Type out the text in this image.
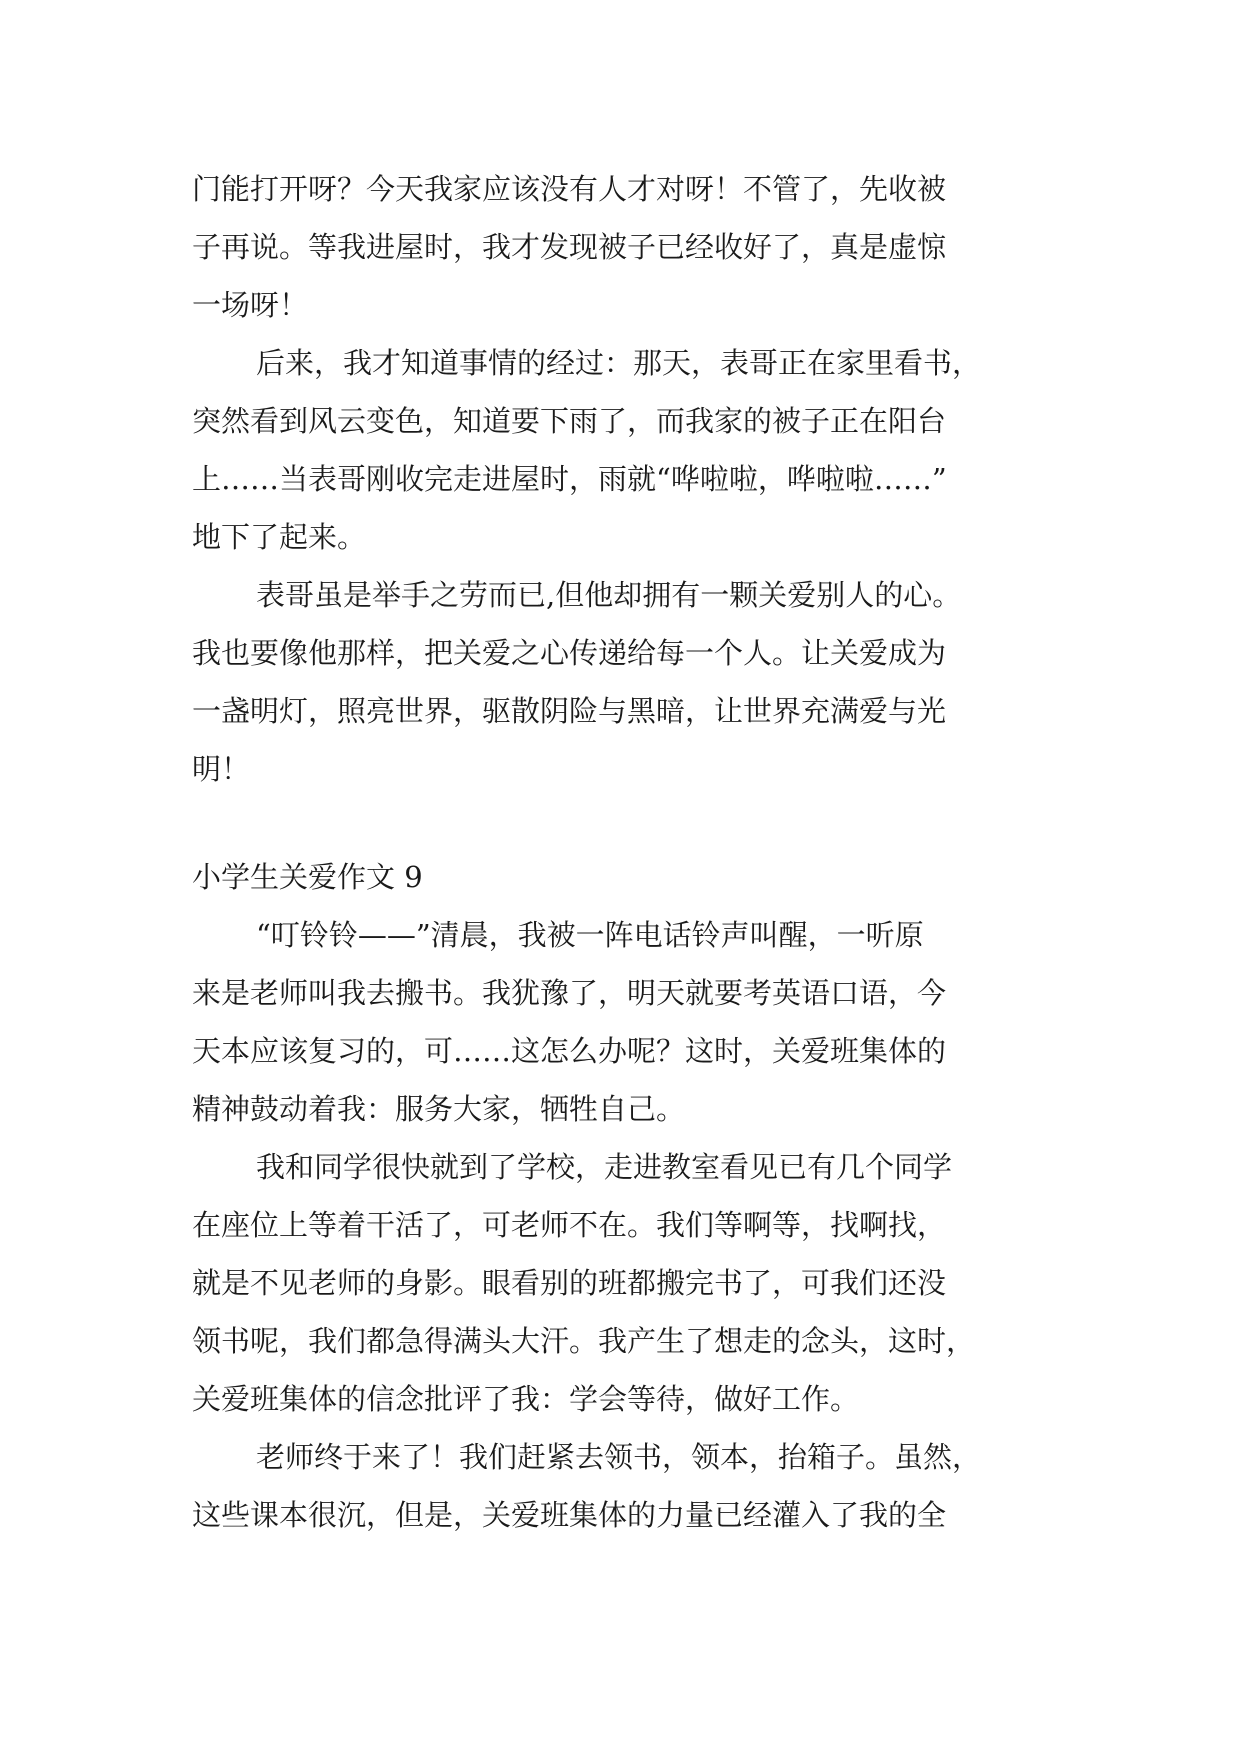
门能打开呀？今天我家应该没有人才对呀！不管了，先收被
子再说。等我进屋时，我才发现被子已经收好了，真是虚惊
一场呀！
后来，我才知道事情的经过：那天，表哥正在家里看书，
突然看到风云变色，知道要下雨了，而我家的被子正在阳台
上……当表哥刚收完走进屋时，雨就“哗啦啦，哗啦啦……”
地下了起来。
表哥虽是举手之劳而已,但他却拥有一颗关爱别人的心。
我也要像他那样，把关爱之心传递给每一个人。让关爱成为
一盏明灯，照亮世界，驱散阴险与黑暗，让世界充满爱与光
明！
小学生关爱作文 9
“叮铃铃——”清晨，我被一阵电话铃声叫醒，一听原
来是老师叫我去搬书。我犹豫了，明天就要考英语口语，今
天本应该复习的，可……这怎么办呢？这时，关爱班集体的
精神鼓动着我：服务大家，牺牲自己。
我和同学很快就到了学校，走进教室看见已有几个同学
在座位上等着干活了，可老师不在。我们等啊等，找啊找，
就是不见老师的身影。眼看别的班都搬完书了，可我们还没
领书呢，我们都急得满头大汗。我产生了想走的念头，这时，
关爱班集体的信念批评了我：学会等待，做好工作。
老师终于来了！我们赶紧去领书，领本，抬箱子。虽然，
这些课本很沉，但是，关爱班集体的力量已经灌入了我的全
